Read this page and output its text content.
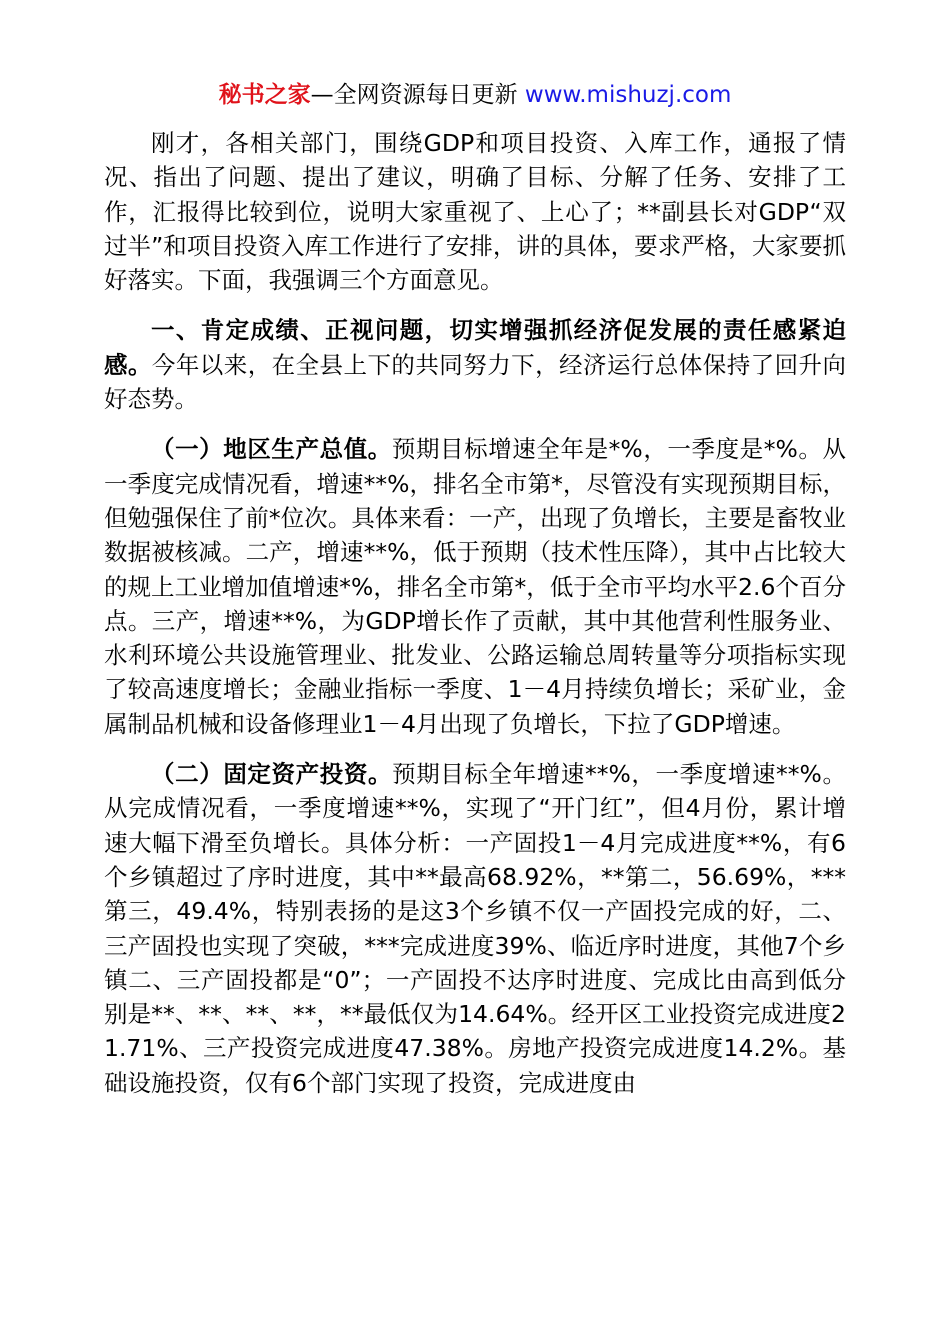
秘书之家—全网资源每日更新 www.mishuzj.com

刚才，各相关部门，围绕GDP和项目投资、入库工作，通报了情况、指出了问题、提出了建议，明确了目标、分解了任务、安排了工作，汇报得比较到位，说明大家重视了、上心了；**副县长对GDP“双过半”和项目投资入库工作进行了安排，讲的具体，要求严格，大家要抓好落实。下面，我强调三个方面意见。

一、肯定成绩、正视问题，切实增强抓经济促发展的责任感紧迫感。今年以来，在全县上下的共同努力下，经济运行总体保持了回升向好态势。

（一）地区生产总值。预期目标增速全年是*%，一季度是*%。从一季度完成情况看，增速**%，排名全市第*，尽管没有实现预期目标，但勉强保住了前*位次。具体来看：一产，出现了负增长，主要是畜牧业数据被核减。二产，增速**%，低于预期（技术性压降），其中占比较大的规上工业增加值增速*%，排名全市第*，低于全市平均水平2.6个百分点。三产，增速**%，为GDP增长作了贡献，其中其他营利性服务业、水利环境公共设施管理业、批发业、公路运输总周转量等分项指标实现了较高速度增长；金融业指标一季度、1－4月持续负增长；采矿业，金属制品机械和设备修理业1－4月出现了负增长，下拉了GDP增速。

（二）固定资产投资。预期目标全年增速**%，一季度增速**%。从完成情况看，一季度增速**%，实现了“开门红”，但4月份，累计增速大幅下滑至负增长。具体分析：一产固投1－4月完成进度**%，有6个乡镇超过了序时进度，其中**最高68.92%，**第二，56.69%，***第三，49.4%，特别表扬的是这3个乡镇不仅一产固投完成的好，二、三产固投也实现了突破，***完成进度39%、临近序时进度，其他7个乡镇二、三产固投都是“0”；一产固投不达序时进度、完成比由高到低分别是**、**、**、**，**最低仅为14.64%。经开区工业投资完成进度21.71%、三产投资完成进度47.38%。房地产投资完成进度14.2%。基础设施投资，仅有6个部门实现了投资，完成进度由
